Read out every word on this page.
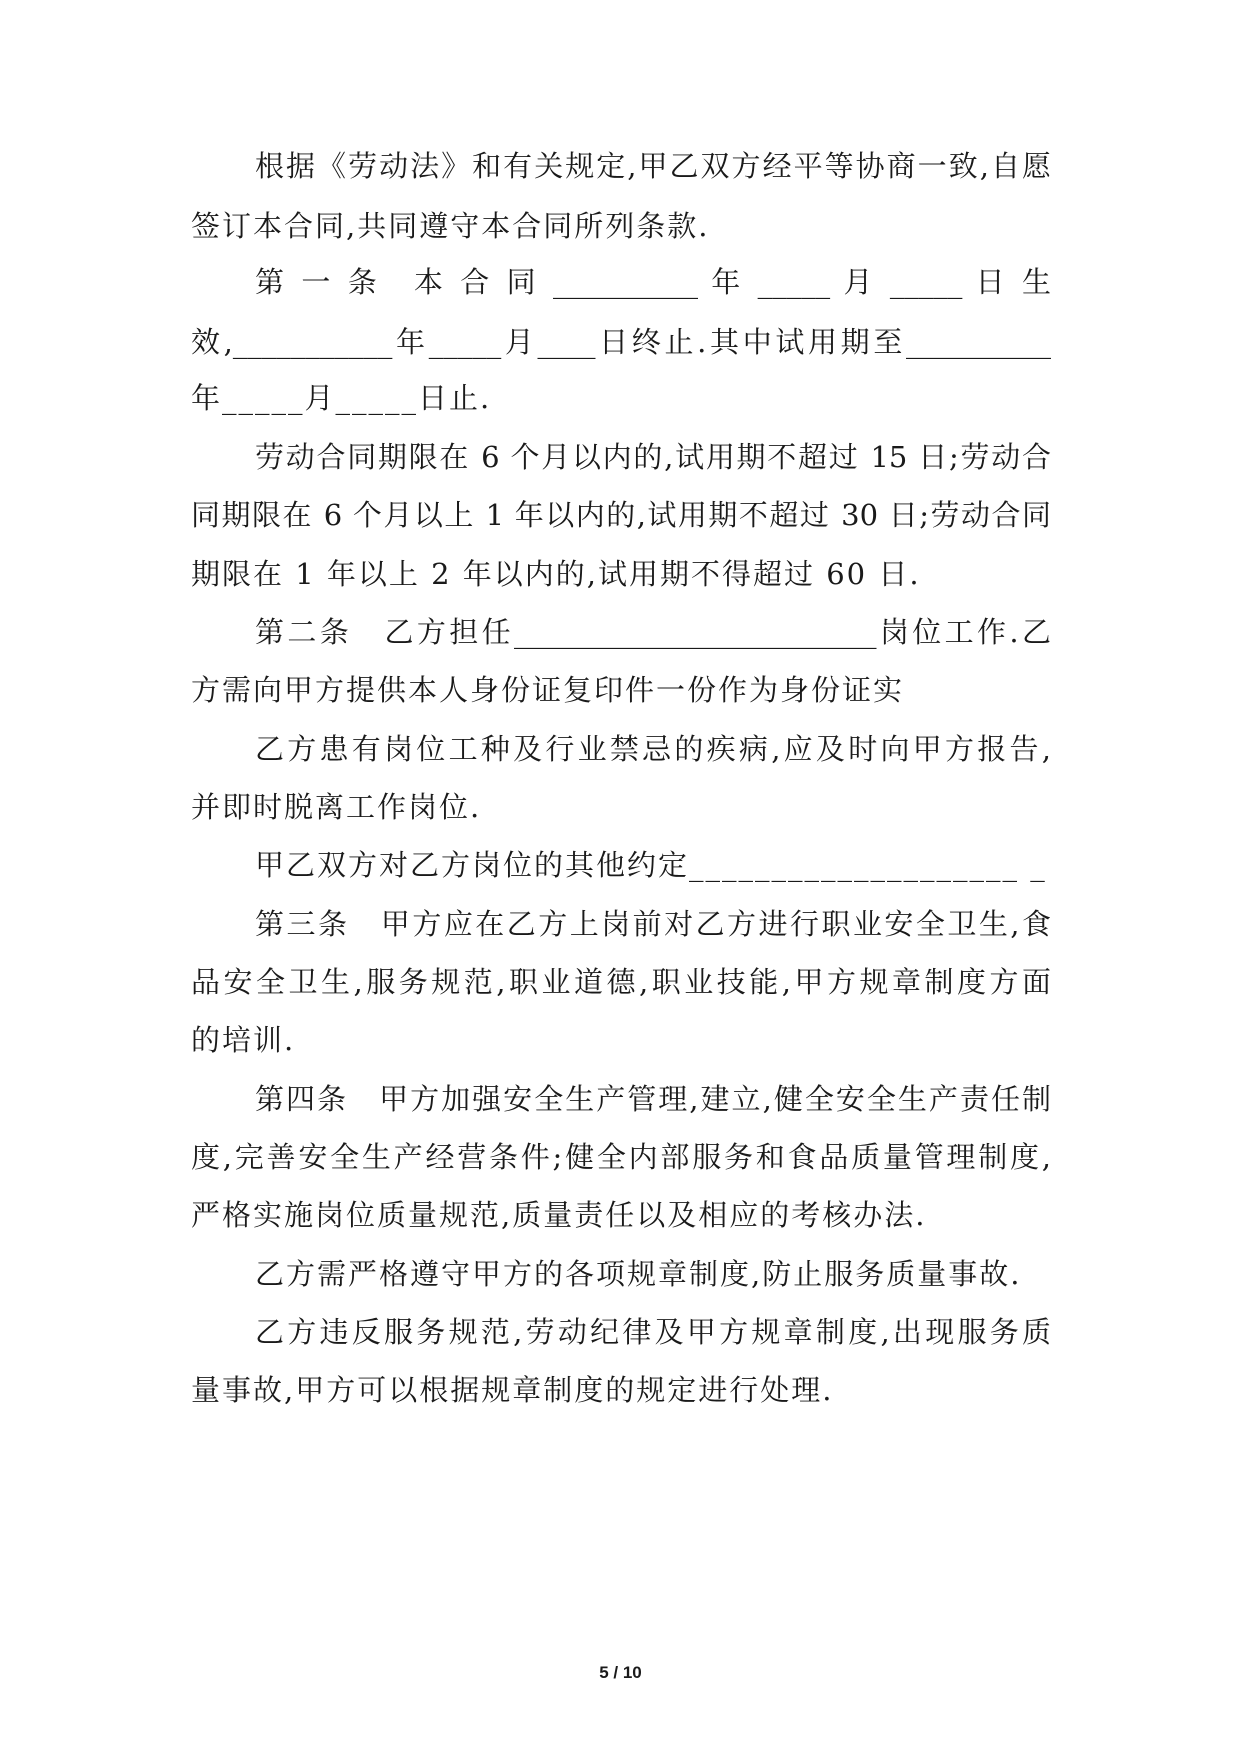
根据《劳动法》和有关规定,甲乙双方经平等协商一致,自愿
签订本合同,共同遵守本合同所列条款.
第 一 条　本 合 同 __________ 年 _____ 月 _____ 日 生
效,___________年_____月____日终止.其中试用期至__________
年_____月_____日止.
劳动合同期限在 6 个月以内的,试用期不超过 15 日;劳动合
同期限在 6 个月以上 1 年以内的,试用期不超过 30 日;劳动合同
期限在 1 年以上 2 年以内的,试用期不得超过 60 日.
第二条　乙方担任_________________________岗位工作.乙
方需向甲方提供本人身份证复印件一份作为身份证实
乙方患有岗位工种及行业禁忌的疾病,应及时向甲方报告,
并即时脱离工作岗位.
甲乙双方对乙方岗位的其他约定____________________ _
第三条　甲方应在乙方上岗前对乙方进行职业安全卫生,食
品安全卫生,服务规范,职业道德,职业技能,甲方规章制度方面
的培训.
第四条　甲方加强安全生产管理,建立,健全安全生产责任制
度,完善安全生产经营条件;健全内部服务和食品质量管理制度,
严格实施岗位质量规范,质量责任以及相应的考核办法.
乙方需严格遵守甲方的各项规章制度,防止服务质量事故.
乙方违反服务规范,劳动纪律及甲方规章制度,出现服务质
量事故,甲方可以根据规章制度的规定进行处理.
5 / 10
